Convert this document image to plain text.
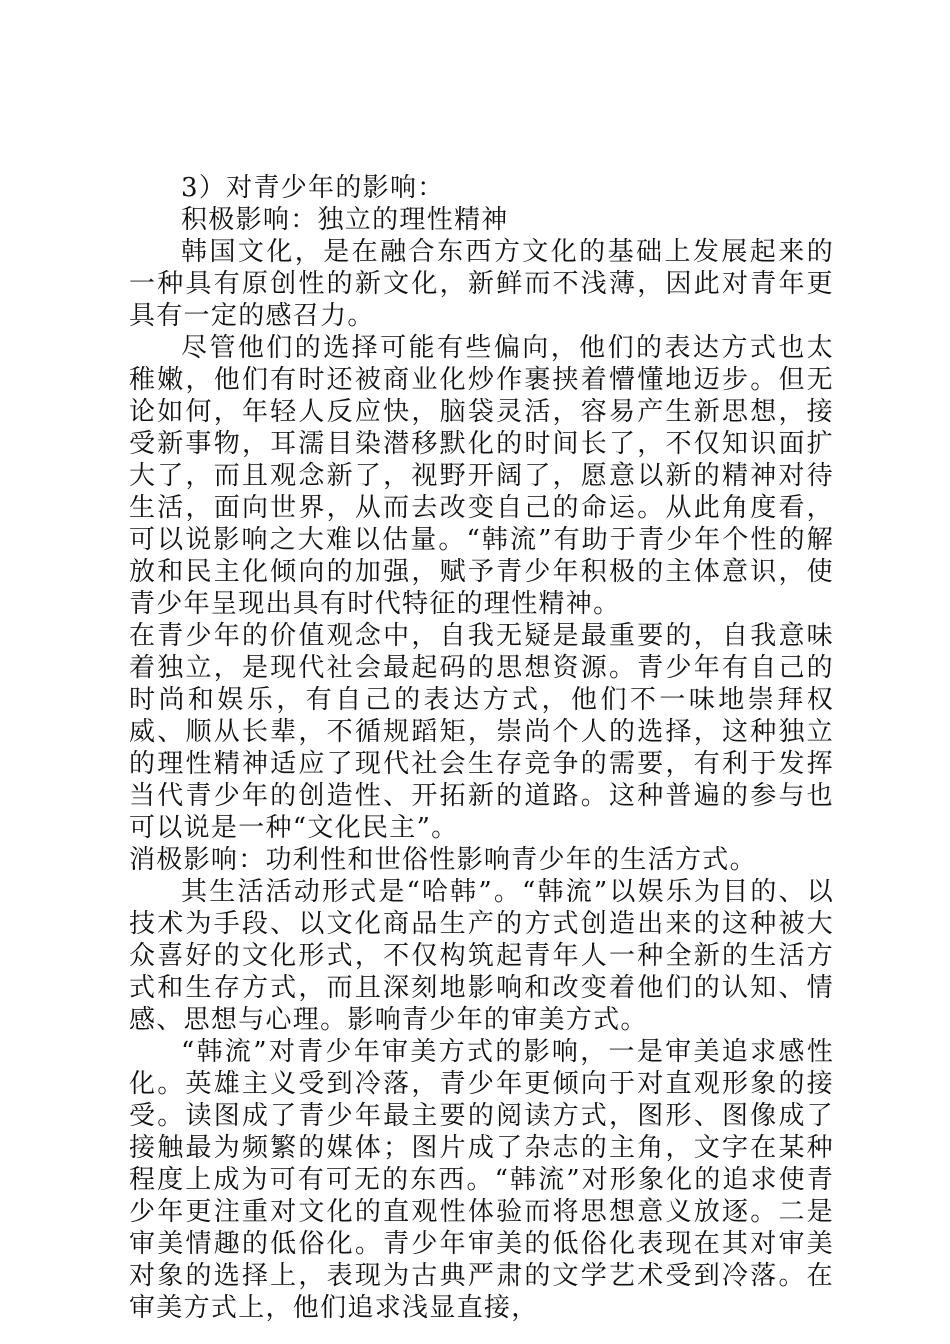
3）对青少年的影响：

积极影响：独立的理性精神

韩国文化，是在融合东西方文化的基础上发展起来的一种具有原创性的新文化，新鲜而不浅薄，因此对青年更具有一定的感召力。

尽管他们的选择可能有些偏向，他们的表达方式也太稚嫩，他们有时还被商业化炒作裹挟着懵懂地迈步。但无论如何，年轻人反应快，脑袋灵活，容易产生新思想，接受新事物，耳濡目染潜移默化的时间长了，不仅知识面扩大了，而且观念新了，视野开阔了，愿意以新的精神对待生活，面向世界，从而去改变自己的命运。从此角度看，可以说影响之大难以估量。“韩流”有助于青少年个性的解放和民主化倾向的加强，赋予青少年积极的主体意识，使青少年呈现出具有时代特征的理性精神。

在青少年的价值观念中，自我无疑是最重要的，自我意味着独立，是现代社会最起码的思想资源。青少年有自己的时尚和娱乐，有自己的表达方式，他们不一味地崇拜权威、顺从长辈，不循规蹈矩，崇尚个人的选择，这种独立的理性精神适应了现代社会生存竞争的需要，有利于发挥当代青少年的创造性、开拓新的道路。这种普遍的参与也可以说是一种“文化民主”。

消极影响：功利性和世俗性影响青少年的生活方式。

其生活活动形式是“哈韩”。“韩流”以娱乐为目的、以技术为手段、以文化商品生产的方式创造出来的这种被大众喜好的文化形式，不仅构筑起青年人一种全新的生活方式和生存方式，而且深刻地影响和改变着他们的认知、情感、思想与心理。影响青少年的审美方式。

“韩流”对青少年审美方式的影响，一是审美追求感性化。英雄主义受到冷落，青少年更倾向于对直观形象的接受。读图成了青少年最主要的阅读方式，图形、图像成了接触最为频繁的媒体；图片成了杂志的主角，文字在某种程度上成为可有可无的东西。“韩流”对形象化的追求使青少年更注重对文化的直观性体验而将思想意义放逐。二是审美情趣的低俗化。青少年审美的低俗化表现在其对审美对象的选择上，表现为古典严肃的文学艺术受到冷落。在审美方式上，他们追求浅显直接，
